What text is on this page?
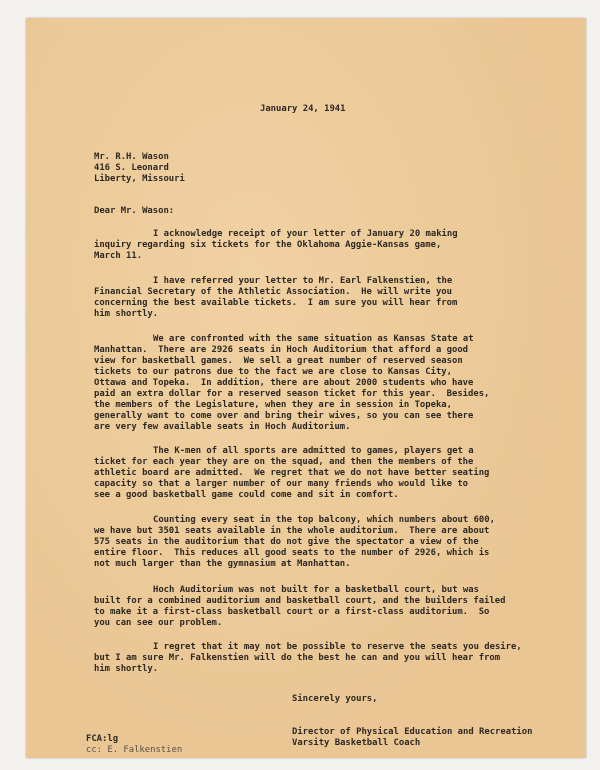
January 24, 1941
Mr. R.H. Wason
416 S. Leonard
Liberty, Missouri
Dear Mr. Wason:
I acknowledge receipt of your letter of January 20 making
inquiry regarding six tickets for the Oklahoma Aggie-Kansas game,
March 11.
I have referred your letter to Mr. Earl Falkenstien, the
Financial Secretary of the Athletic Association.  He will write you
concerning the best available tickets.  I am sure you will hear from
him shortly.
We are confronted with the same situation as Kansas State at
Manhattan.  There are 2926 seats in Hoch Auditorium that afford a good
view for basketball games.  We sell a great number of reserved season
tickets to our patrons due to the fact we are close to Kansas City,
Ottawa and Topeka.  In addition, there are about 2000 students who have
paid an extra dollar for a reserved season ticket for this year.  Besides,
the members of the Legislature, when they are in session in Topeka,
generally want to come over and bring their wives, so you can see there
are very few available seats in Hoch Auditorium.
The K-men of all sports are admitted to games, players get a
ticket for each year they are on the squad, and then the members of the
athletic board are admitted.  We regret that we do not have better seating
capacity so that a larger number of our many friends who would like to
see a good basketball game could come and sit in comfort.
Counting every seat in the top balcony, which numbers about 600,
we have but 3501 seats available in the whole auditorium.  There are about
575 seats in the auditorium that do not give the spectator a view of the
entire floor.  This reduces all good seats to the number of 2926, which is
not much larger than the gymnasium at Manhattan.
Hoch Auditorium was not built for a basketball court, but was
built for a combined auditorium and basketball court, and the builders failed
to make it a first-class basketball court or a first-class auditorium.  So
you can see our problem.
I regret that it may not be possible to reserve the seats you desire,
but I am sure Mr. Falkenstien will do the best he can and you will hear from
him shortly.
Sincerely yours,
Director of Physical Education and Recreation
Varsity Basketball Coach
FCA:lg
cc: E. Falkenstien
